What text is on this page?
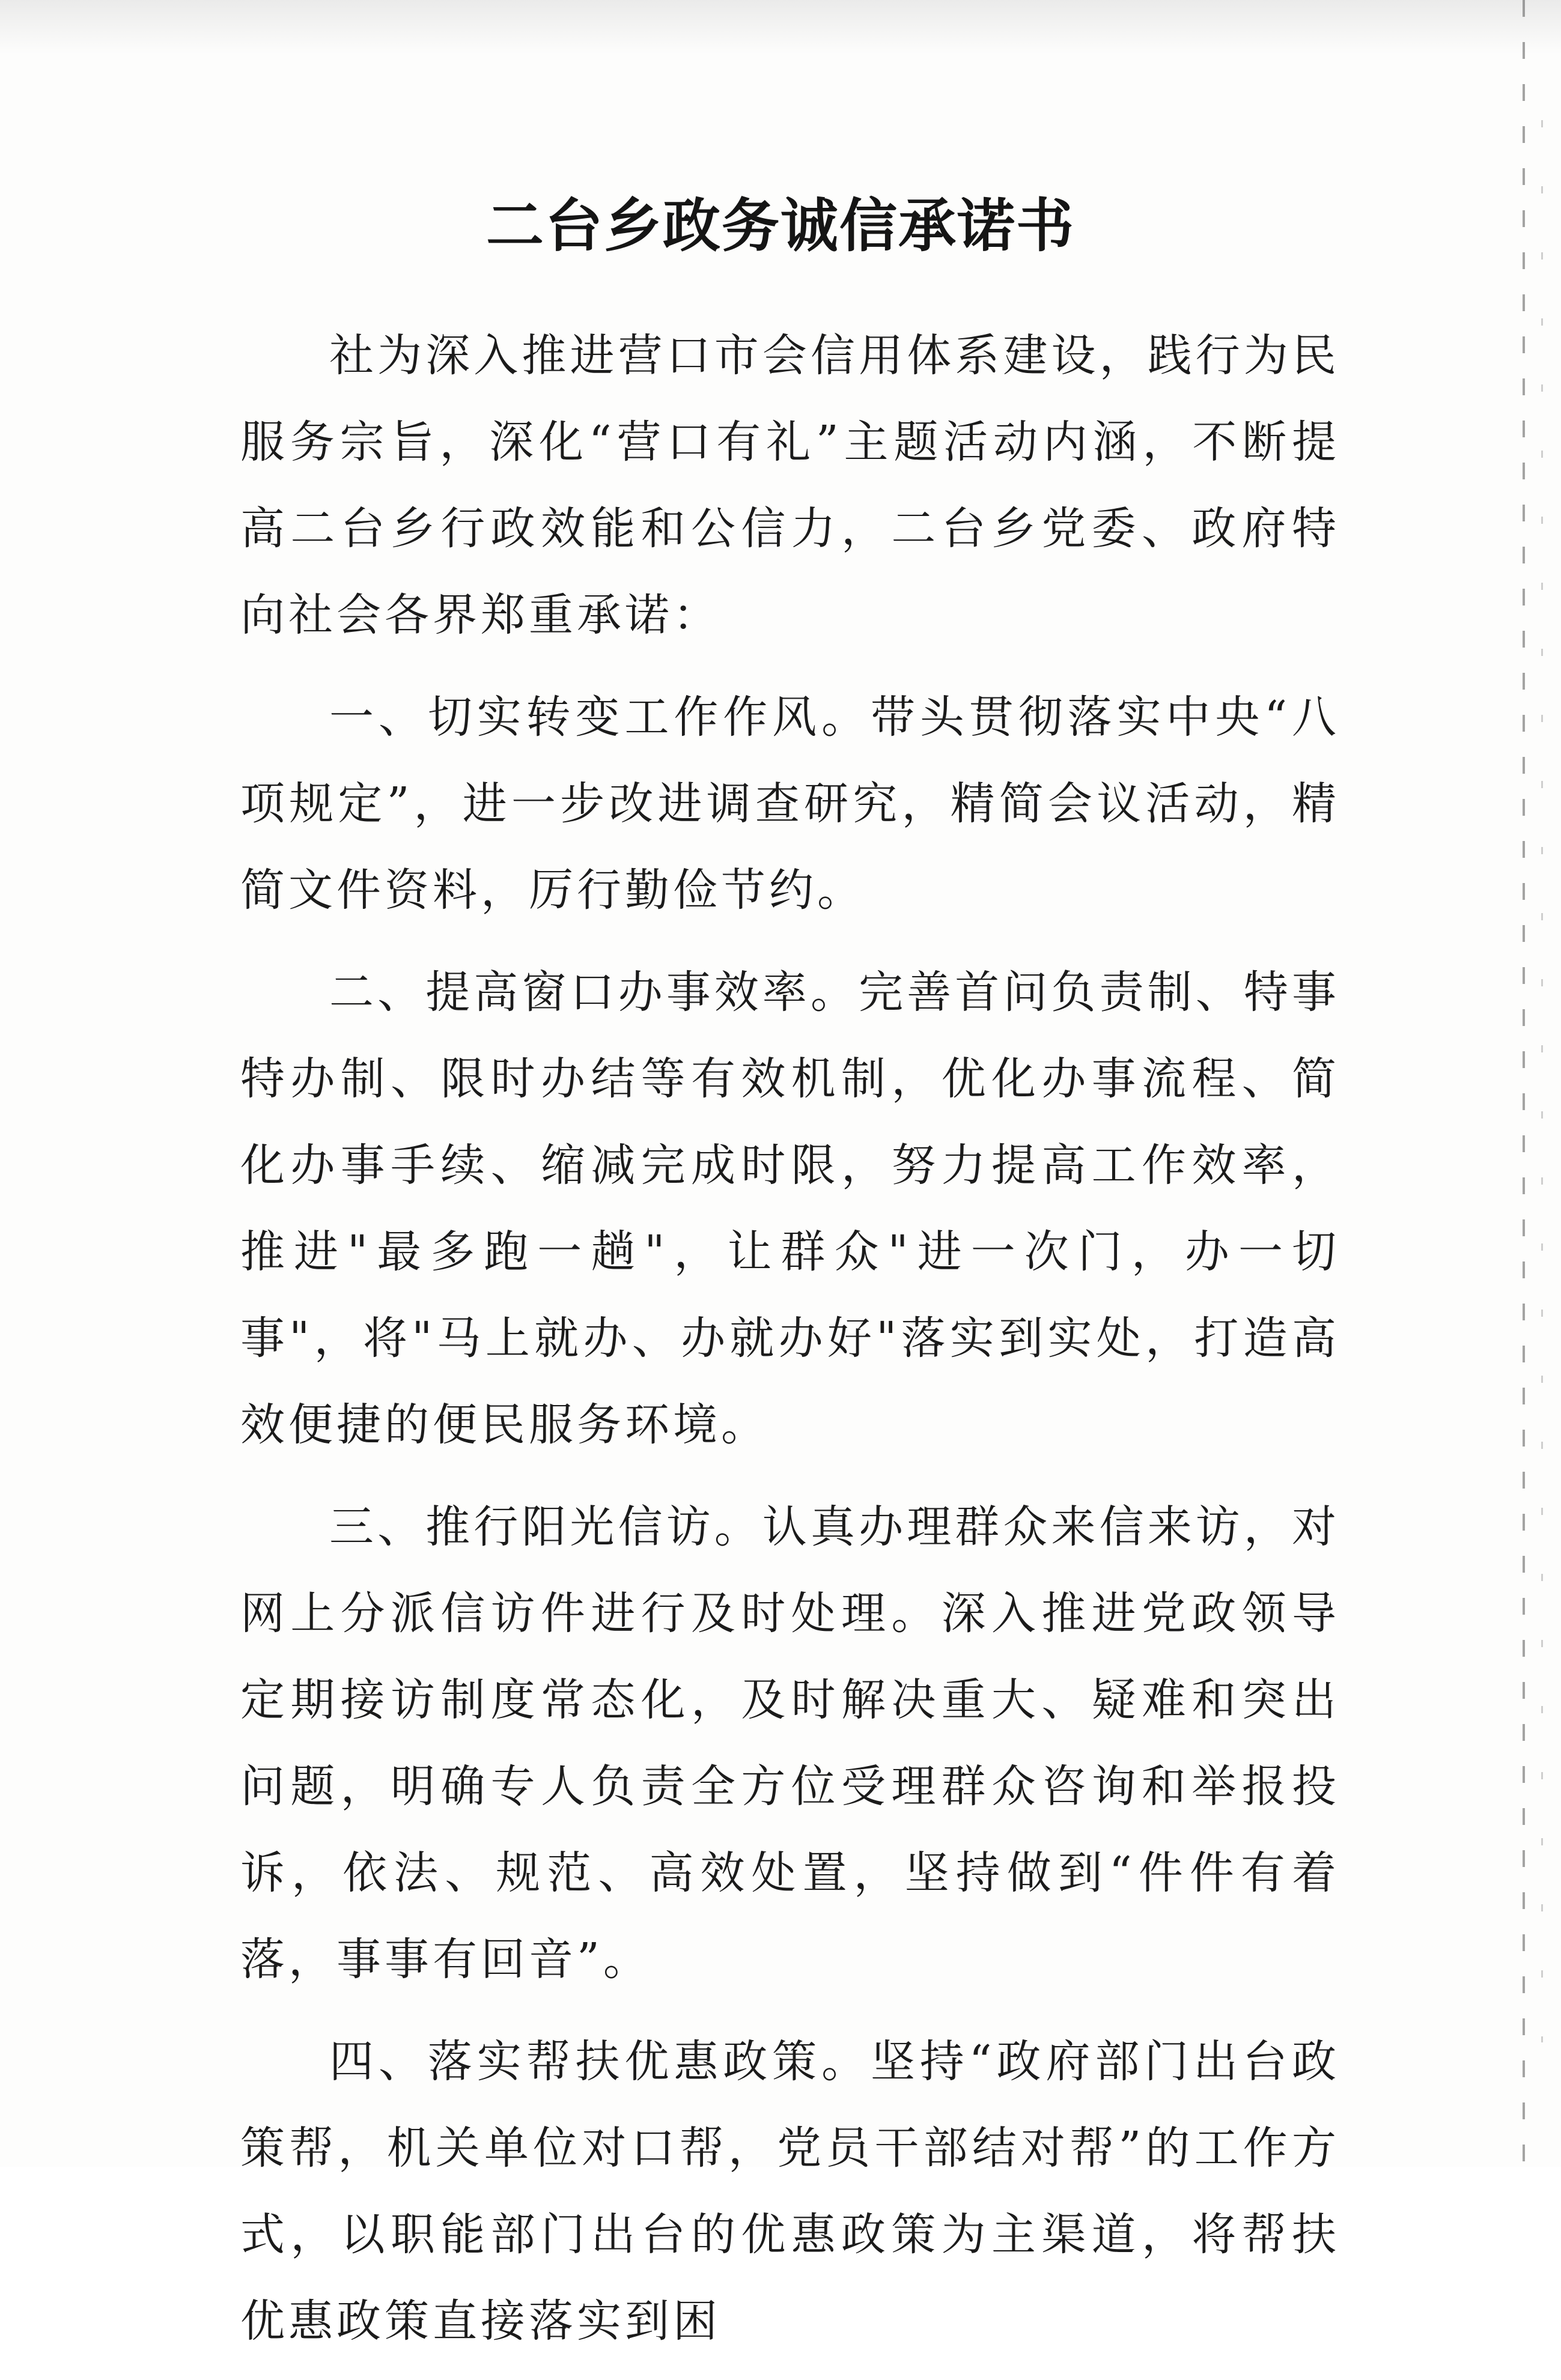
二台乡政务诚信承诺书

社为深入推进营口市会信用体系建设，践行为民服务宗旨，深化“营口有礼”主题活动内涵，不断提高二台乡行政效能和公信力，二台乡党委、政府特向社会各界郑重承诺：

一、切实转变工作作风。带头贯彻落实中央“八项规定”，进一步改进调查研究，精简会议活动，精简文件资料，厉行勤俭节约。

二、提高窗口办事效率。完善首问负责制、特事特办制、限时办结等有效机制，优化办事流程、简化办事手续、缩减完成时限，努力提高工作效率，推进"最多跑一趟"，让群众"进一次门，办一切事"，将"马上就办、办就办好"落实到实处，打造高效便捷的便民服务环境。

三、推行阳光信访。认真办理群众来信来访，对网上分派信访件进行及时处理。深入推进党政领导定期接访制度常态化，及时解决重大、疑难和突出问题，明确专人负责全方位受理群众咨询和举报投诉，依法、规范、高效处置，坚持做到“件件有着落，事事有回音”。

四、落实帮扶优惠政策。坚持“政府部门出台政策帮，机关单位对口帮，党员干部结对帮”的工作方式，以职能部门出台的优惠政策为主渠道，将帮扶优惠政策直接落实到困
